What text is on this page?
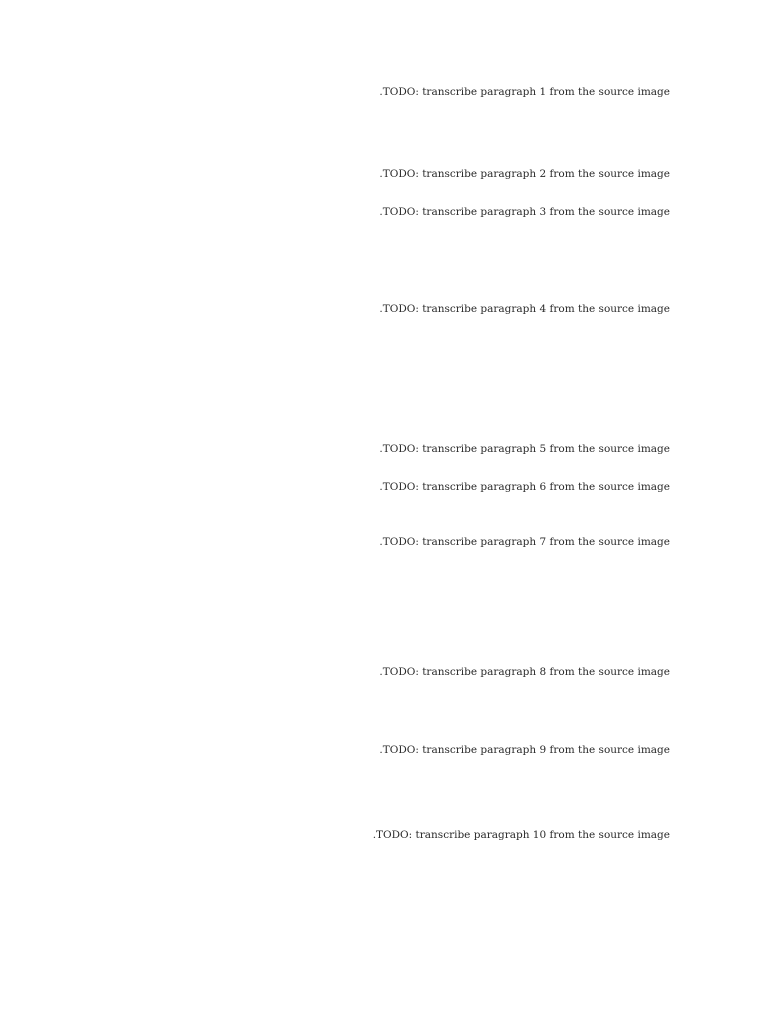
TODO: transcribe paragraph 1 from the source image.

TODO: transcribe paragraph 2 from the source image.

TODO: transcribe paragraph 3 from the source image.

TODO: transcribe paragraph 4 from the source image.

TODO: transcribe paragraph 5 from the source image.

TODO: transcribe paragraph 6 from the source image.

TODO: transcribe paragraph 7 from the source image.

TODO: transcribe paragraph 8 from the source image.

TODO: transcribe paragraph 9 from the source image.

TODO: transcribe paragraph 10 from the source image.
